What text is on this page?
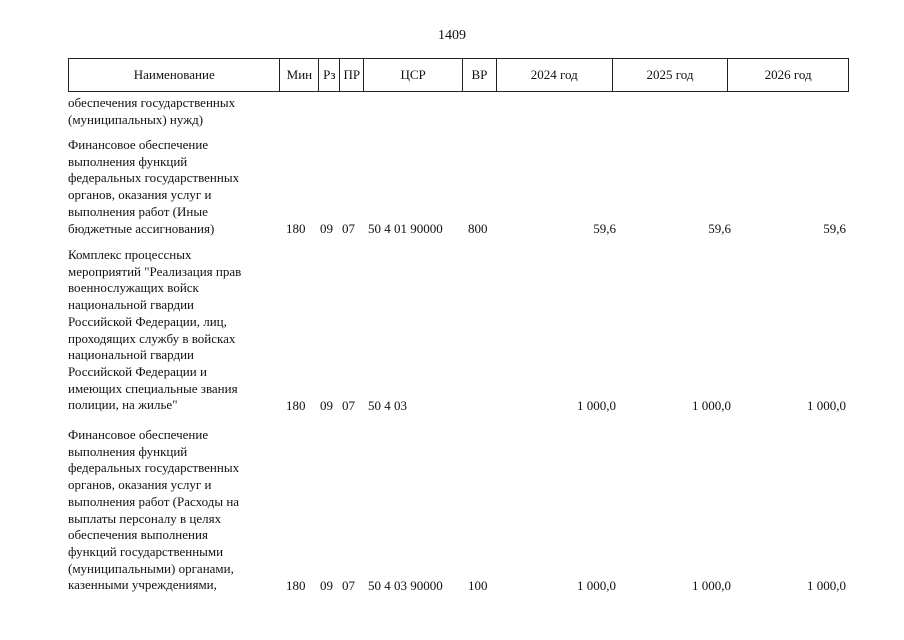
1409
Наименование	Мин Рз ПР	ЦСР	ВР	2024 год	2025 год	2026 год
обеспечения государственных
(муниципальных) нужд)
Финансовое обеспечение
выполнения функций
федеральных государственных
органов, оказания услуг и
выполнения работ (Иные
бюджетные ассигнования)	180 09 07 50 4 01 90000 800	59,6	59,6	59,6
Комплекс процессных
мероприятий "Реализация прав
военнослужащих войск
национальной гвардии
Российской Федерации, лиц,
проходящих службу в войсках
национальной гвардии
Российской Федерации и
имеющих специальные звания
полиции, на жилье"	180 09 07 50 4 03	1 000,0	1 000,0	1 000,0
Финансовое обеспечение
выполнения функций
федеральных государственных
органов, оказания услуг и
выполнения работ (Расходы на
выплаты персоналу в целях
обеспечения выполнения
функций государственными
(муниципальными) органами,
казенными учреждениями,	180 09 07 50 4 03 90000 100	1 000,0	1 000,0	1 000,0
